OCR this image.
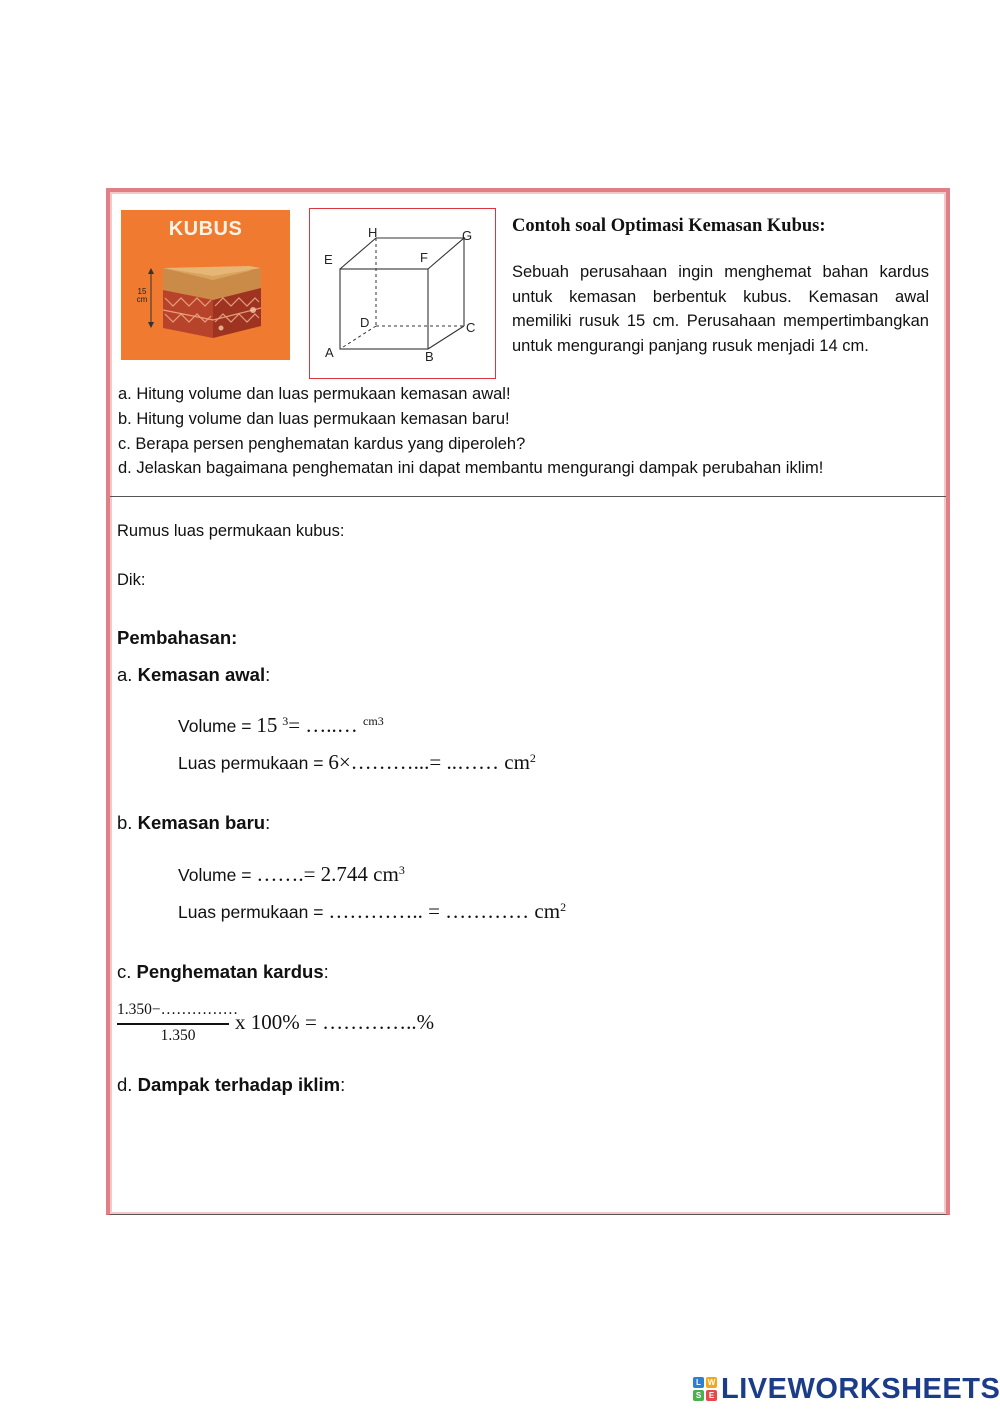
KUBUS
15
cm
A	B
C
D
E	F
G
H	Contoh soal Optimasi Kemasan Kubus:

Sebuah perusahaan ingin menghemat bahan kardus untuk kemasan berbentuk kubus. Kemasan awal memiliki rusuk 15 cm. Perusahaan mempertimbangkan untuk mengurangi panjang rusuk menjadi 14 cm.

a. Hitung volume dan luas permukaan kemasan awal!
b. Hitung volume dan luas permukaan kemasan baru!
c. Berapa persen penghematan kardus yang diperoleh?
d. Jelaskan bagaimana penghematan ini dapat membantu mengurangi dampak perubahan iklim!
Rumus luas permukaan kubus:
Dik:
Pembahasan:
a. Kemasan awal:
Volume = 15 $^3$= …..… $^{cm3}$
Luas permukaan = 6×………...= ..…… $cm^2$
b. Kemasan baru:
Volume = …….= 2.744 $cm^3$
Luas permukaan = ………….. = ………… $cm^2$
c. Penghematan kardus:
1.350−……………
1.350
x 100% = …………..%
d. Dampak terhadap iklim:
L W
S E LIVEWORKSHEETS
